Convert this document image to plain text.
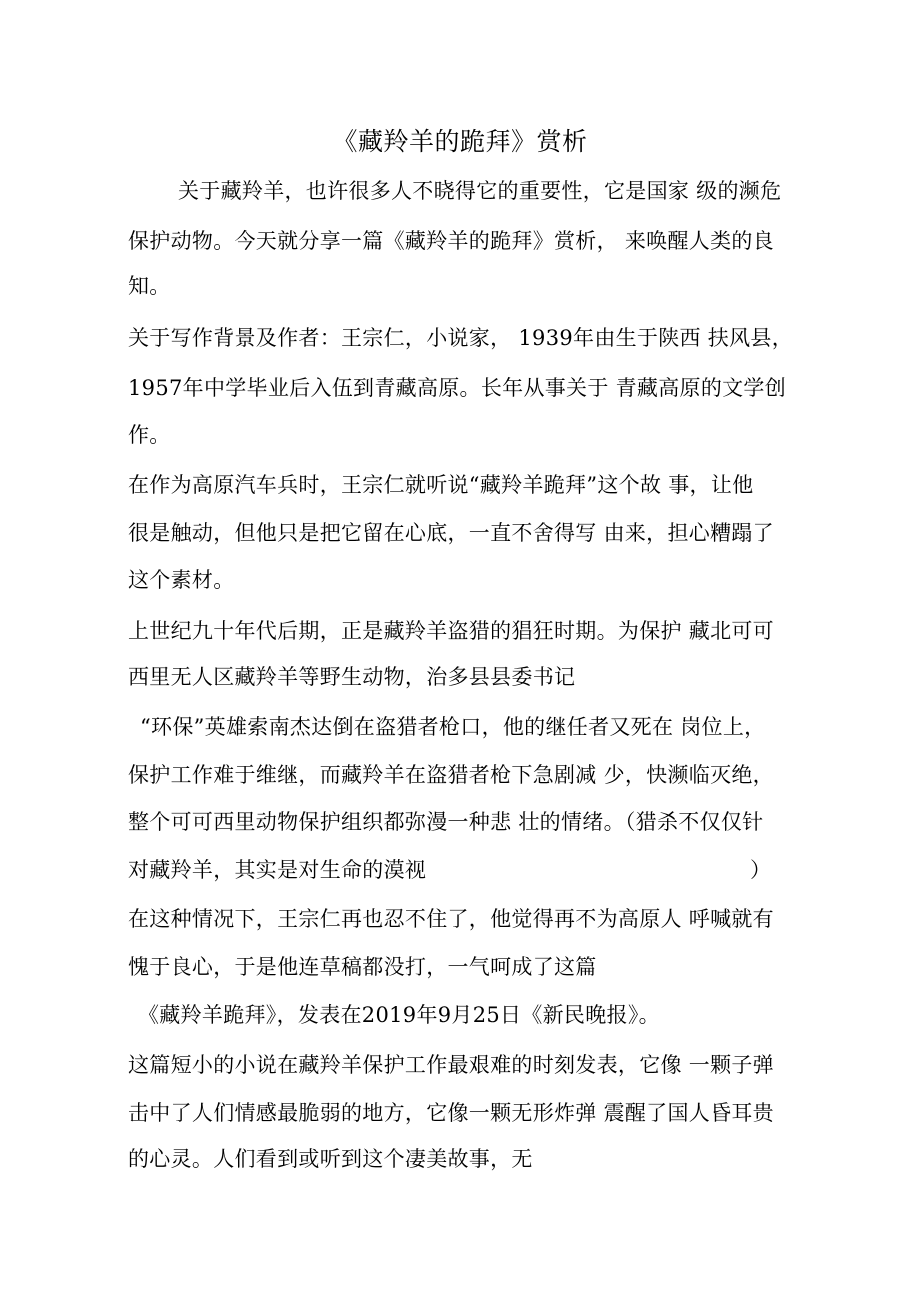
《藏羚羊的跪拜》赏析
关于藏羚羊，也许很多人不晓得它的重要性，它是国家 级的濒危
保护动物。今天就分享一篇《藏羚羊的跪拜》赏析， 来唤醒人类的良
知。
关于写作背景及作者：王宗仁，小说家， 1939年由生于陕西 扶风县，
1957年中学毕业后入伍到青藏高原。长年从事关于 青藏高原的文学创
作。
在作为高原汽车兵时，王宗仁就听说“藏羚羊跪拜”这个故 事，让他
很是触动，但他只是把它留在心底，一直不舍得写 由来，担心糟蹋了
这个素材。
上世纪九十年代后期，正是藏羚羊盗猎的猖狂时期。为保护 藏北可可
西里无人区藏羚羊等野生动物，治多县县委书记
“环保”英雄索南杰达倒在盗猎者枪口，他的继任者又死在 岗位上，
保护工作难于维继，而藏羚羊在盗猎者枪下急剧减 少，快濒临灭绝，
整个可可西里动物保护组织都弥漫一种悲 壮的情绪。（猎杀不仅仅针
对藏羚羊，其实是对生命的漠视	）
在这种情况下，王宗仁再也忍不住了，他觉得再不为高原人 呼喊就有
愧于良心，于是他连草稿都没打，一气呵成了这篇
《藏羚羊跪拜》，发表在2019年9月25日《新民晚报》。
这篇短小的小说在藏羚羊保护工作最艰难的时刻发表，它像 一颗子弹
击中了人们情感最脆弱的地方，它像一颗无形炸弹 震醒了国人昏耳贵
的心灵。人们看到或听到这个凄美故事，无
